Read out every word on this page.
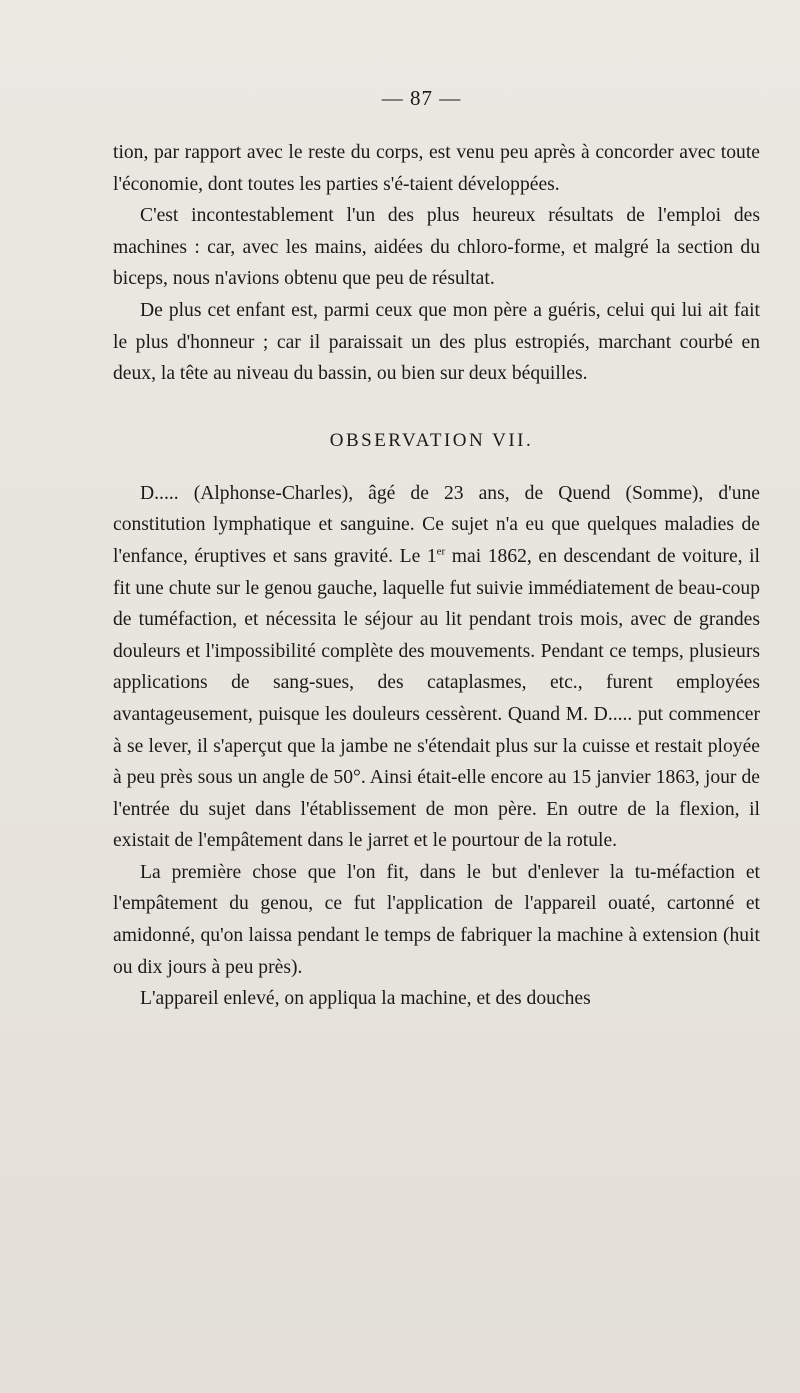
— 87 —

tion, par rapport avec le reste du corps, est venu peu après à concorder avec toute l'économie, dont toutes les parties s'é-taient développées.

C'est incontestablement l'un des plus heureux résultats de l'emploi des machines : car, avec les mains, aidées du chloro-forme, et malgré la section du biceps, nous n'avions obtenu que peu de résultat.

De plus cet enfant est, parmi ceux que mon père a guéris, celui qui lui ait fait le plus d'honneur ; car il paraissait un des plus estropiés, marchant courbé en deux, la tête au niveau du bassin, ou bien sur deux béquilles.

OBSERVATION VII.

D..... (Alphonse-Charles), âgé de 23 ans, de Quend (Somme), d'une constitution lymphatique et sanguine. Ce sujet n'a eu que quelques maladies de l'enfance, éruptives et sans gravité. Le 1er mai 1862, en descendant de voiture, il fit une chute sur le genou gauche, laquelle fut suivie immédiatement de beau-coup de tuméfaction, et nécessita le séjour au lit pendant trois mois, avec de grandes douleurs et l'impossibilité complète des mouvements. Pendant ce temps, plusieurs applications de sang-sues, des cataplasmes, etc., furent employées avantageusement, puisque les douleurs cessèrent. Quand M. D..... put commencer à se lever, il s'aperçut que la jambe ne s'étendait plus sur la cuisse et restait ployée à peu près sous un angle de 50°. Ainsi était-elle encore au 15 janvier 1863, jour de l'entrée du sujet dans l'établissement de mon père. En outre de la flexion, il existait de l'empâtement dans le jarret et le pourtour de la rotule.

La première chose que l'on fit, dans le but d'enlever la tu-méfaction et l'empâtement du genou, ce fut l'application de l'appareil ouaté, cartonné et amidonné, qu'on laissa pendant le temps de fabriquer la machine à extension (huit ou dix jours à peu près).

L'appareil enlevé, on appliqua la machine, et des douches
